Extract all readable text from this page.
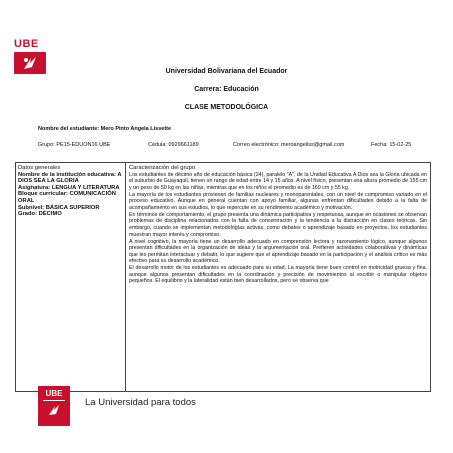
UBE
Universidad Bolivariana del Ecuador
Carrera: Educación
CLASE METODOLÓGICA
Nombre del estudiante: Mero Pinto Angela Lissette
Grupo: PE15-EDUON16 UBE	Cédula: 0929661189	Correo electrónico: meroangeliss@gmail.com	Fecha: 15-02-25
Datos generales
Nombre de la institución educativa: A DIOS SEA LA GLORIA
Asignatura: LENGUA Y LITERATURA
Bloque curricular: COMUNICACIÓN ORAL
Subnivel: BÁSICA SUPERIOR
Grado: DÉCIMO
Caracterización del grupo

Los estudiantes de décimo año de educación básica (24), paralelo "A", de la Unidad Educativa A Dios sea la Gloria ubicada en el suburbio de Guayaquil, tienen un rango de edad entre 14 y 15 años. A nivel físico, presentan una altura promedio de 155 cm y un peso de 50 kg en las niñas, mientras que en los niños el promedio es de 160 cm y 55 kg.

La mayoría de los estudiantes provienen de familias nucleares y monoparentales, con un nivel de compromiso variado en el proceso educativo. Aunque en general cuentan con apoyo familiar, algunas enfrentan dificultades debido a la falta de acompañamiento en sus estudios, lo que repercute en su rendimiento académico y motivación.

En términos de comportamiento, el grupo presenta una dinámica participativa y respetuosa, aunque en ocasiones se observan problemas de disciplina relacionados con la falta de concentración y la tendencia a la distracción en clases teóricas. Sin embargo, cuando se implementan metodologías activas, como debates o aprendizaje basado en proyectos, los estudiantes muestran mayor interés y compromiso.

A nivel cognitivo, la mayoría tiene un desarrollo adecuado en comprensión lectora y razonamiento lógico, aunque algunos presentan dificultades en la organización de ideas y la argumentación oral. Prefieren actividades colaborativas y dinámicas que les permitan interactuar y debatir, lo que sugiere que el aprendizaje basado en la participación y el análisis crítico es más efectivo para su desarrollo académico.

El desarrollo motor de los estudiantes es adecuado para su edad. La mayoría tiene buen control en motricidad gruesa y fina, aunque algunos presentan dificultades en la coordinación y precisión de movimientos al escribir o manipular objetos pequeños. El equilibrio y la lateralidad están bien desarrollados, pero se observa que

UBE
La Universidad para todos
